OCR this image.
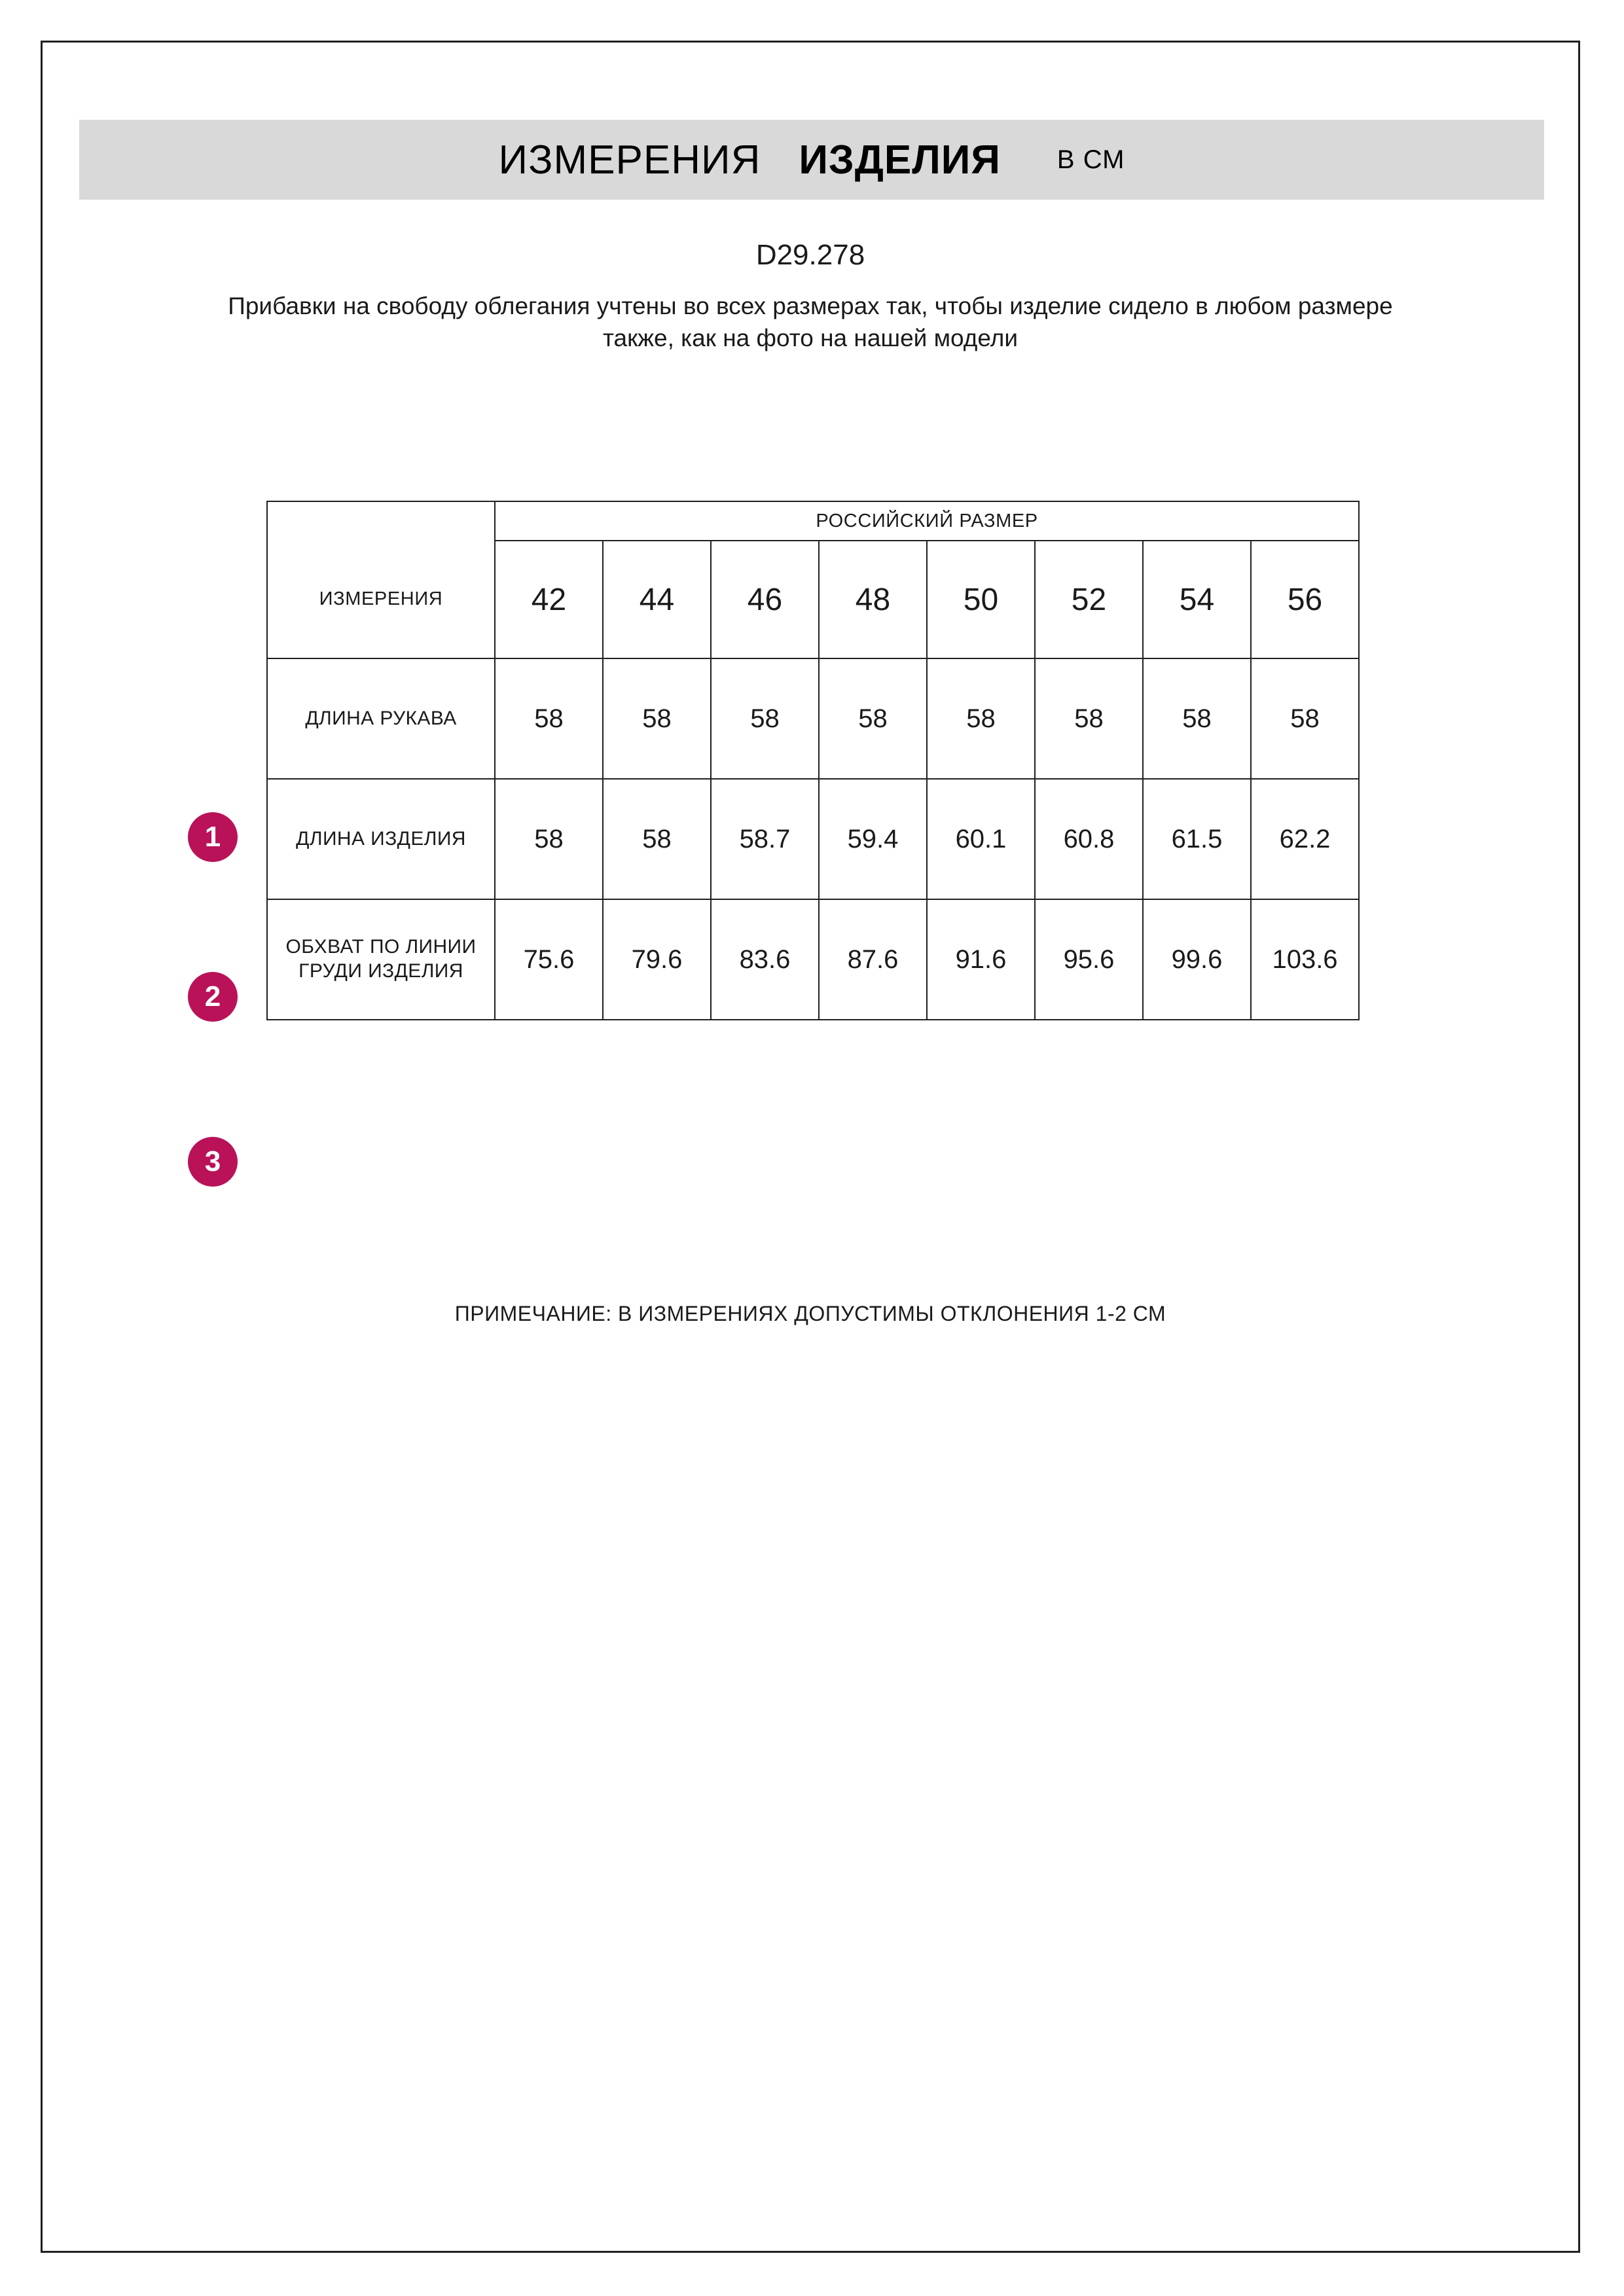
ИЗМЕРЕНИЯ ИЗДЕЛИЯ В СМ
D29.278
Прибавки на свободу облегания учтены во всех размерах так, чтобы изделие сидело в любом размере также, как на фото на нашей модели
1
2
3
	РОССИЙСКИЙ РАЗМЕР							
ИЗМЕРЕНИЯ	42	44	46	48	50	52	54	56
ДЛИНА РУКАВА	58	58	58	58	58	58	58	58
ДЛИНА ИЗДЕЛИЯ	58	58	58.7	59.4	60.1	60.8	61.5	62.2
ОБХВАТ ПО ЛИНИИ ГРУДИ ИЗДЕЛИЯ	75.6	79.6	83.6	87.6	91.6	95.6	99.6	103.6
ПРИМЕЧАНИЕ: В ИЗМЕРЕНИЯХ ДОПУСТИМЫ ОТКЛОНЕНИЯ 1-2 СМ
